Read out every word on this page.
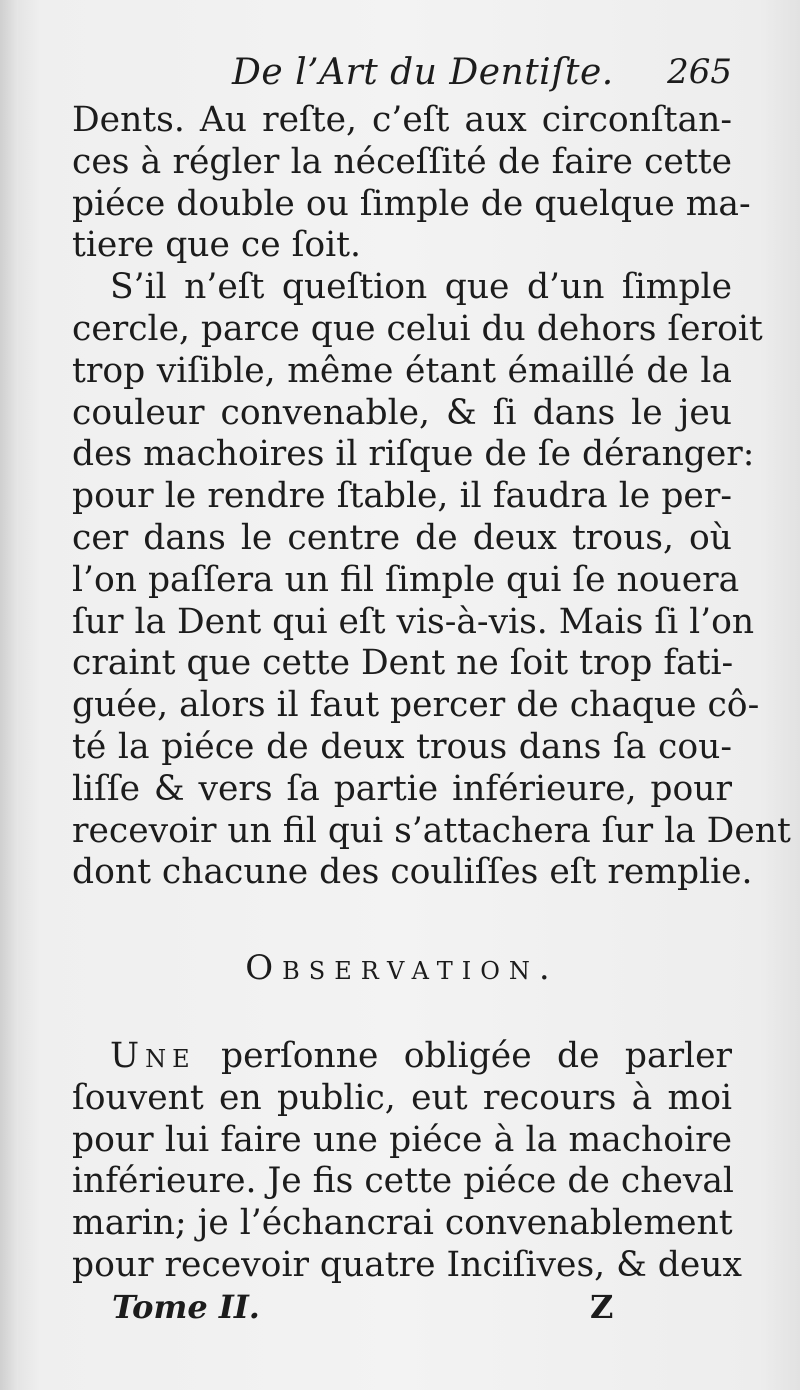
De l’Art du Dentiſte. 265
Dents. Au reſte, c’eſt aux circonſtan-
ces à régler la néceſſité de faire cette
piéce double ou ſimple de quelque ma-
tiere que ce ſoit.
S’il n’eſt queſtion que d’un ſimple
cercle, parce que celui du dehors ſeroit
trop viſible, même étant émaillé de la
couleur convenable, & ſi dans le jeu
des machoires il riſque de ſe déranger:
pour le rendre ſtable, il faudra le per-
cer dans le centre de deux trous, où
l’on paſſera un fil ſimple qui ſe nouera
ſur la Dent qui eſt vis-à-vis. Mais ſi l’on
craint que cette Dent ne ſoit trop fati-
guée, alors il faut percer de chaque cô-
té la piéce de deux trous dans ſa cou-
liſſe & vers ſa partie inférieure, pour
recevoir un fil qui s’attachera ſur la Dent
dont chacune des couliſſes eſt remplie.
Observation.
Une perſonne obligée de parler
ſouvent en public, eut recours à moi
pour lui faire une piéce à la machoire
inférieure. Je fis cette piéce de cheval
marin; je l’échancrai convenablement
pour recevoir quatre Inciſives, & deux
Tome II.	Z
